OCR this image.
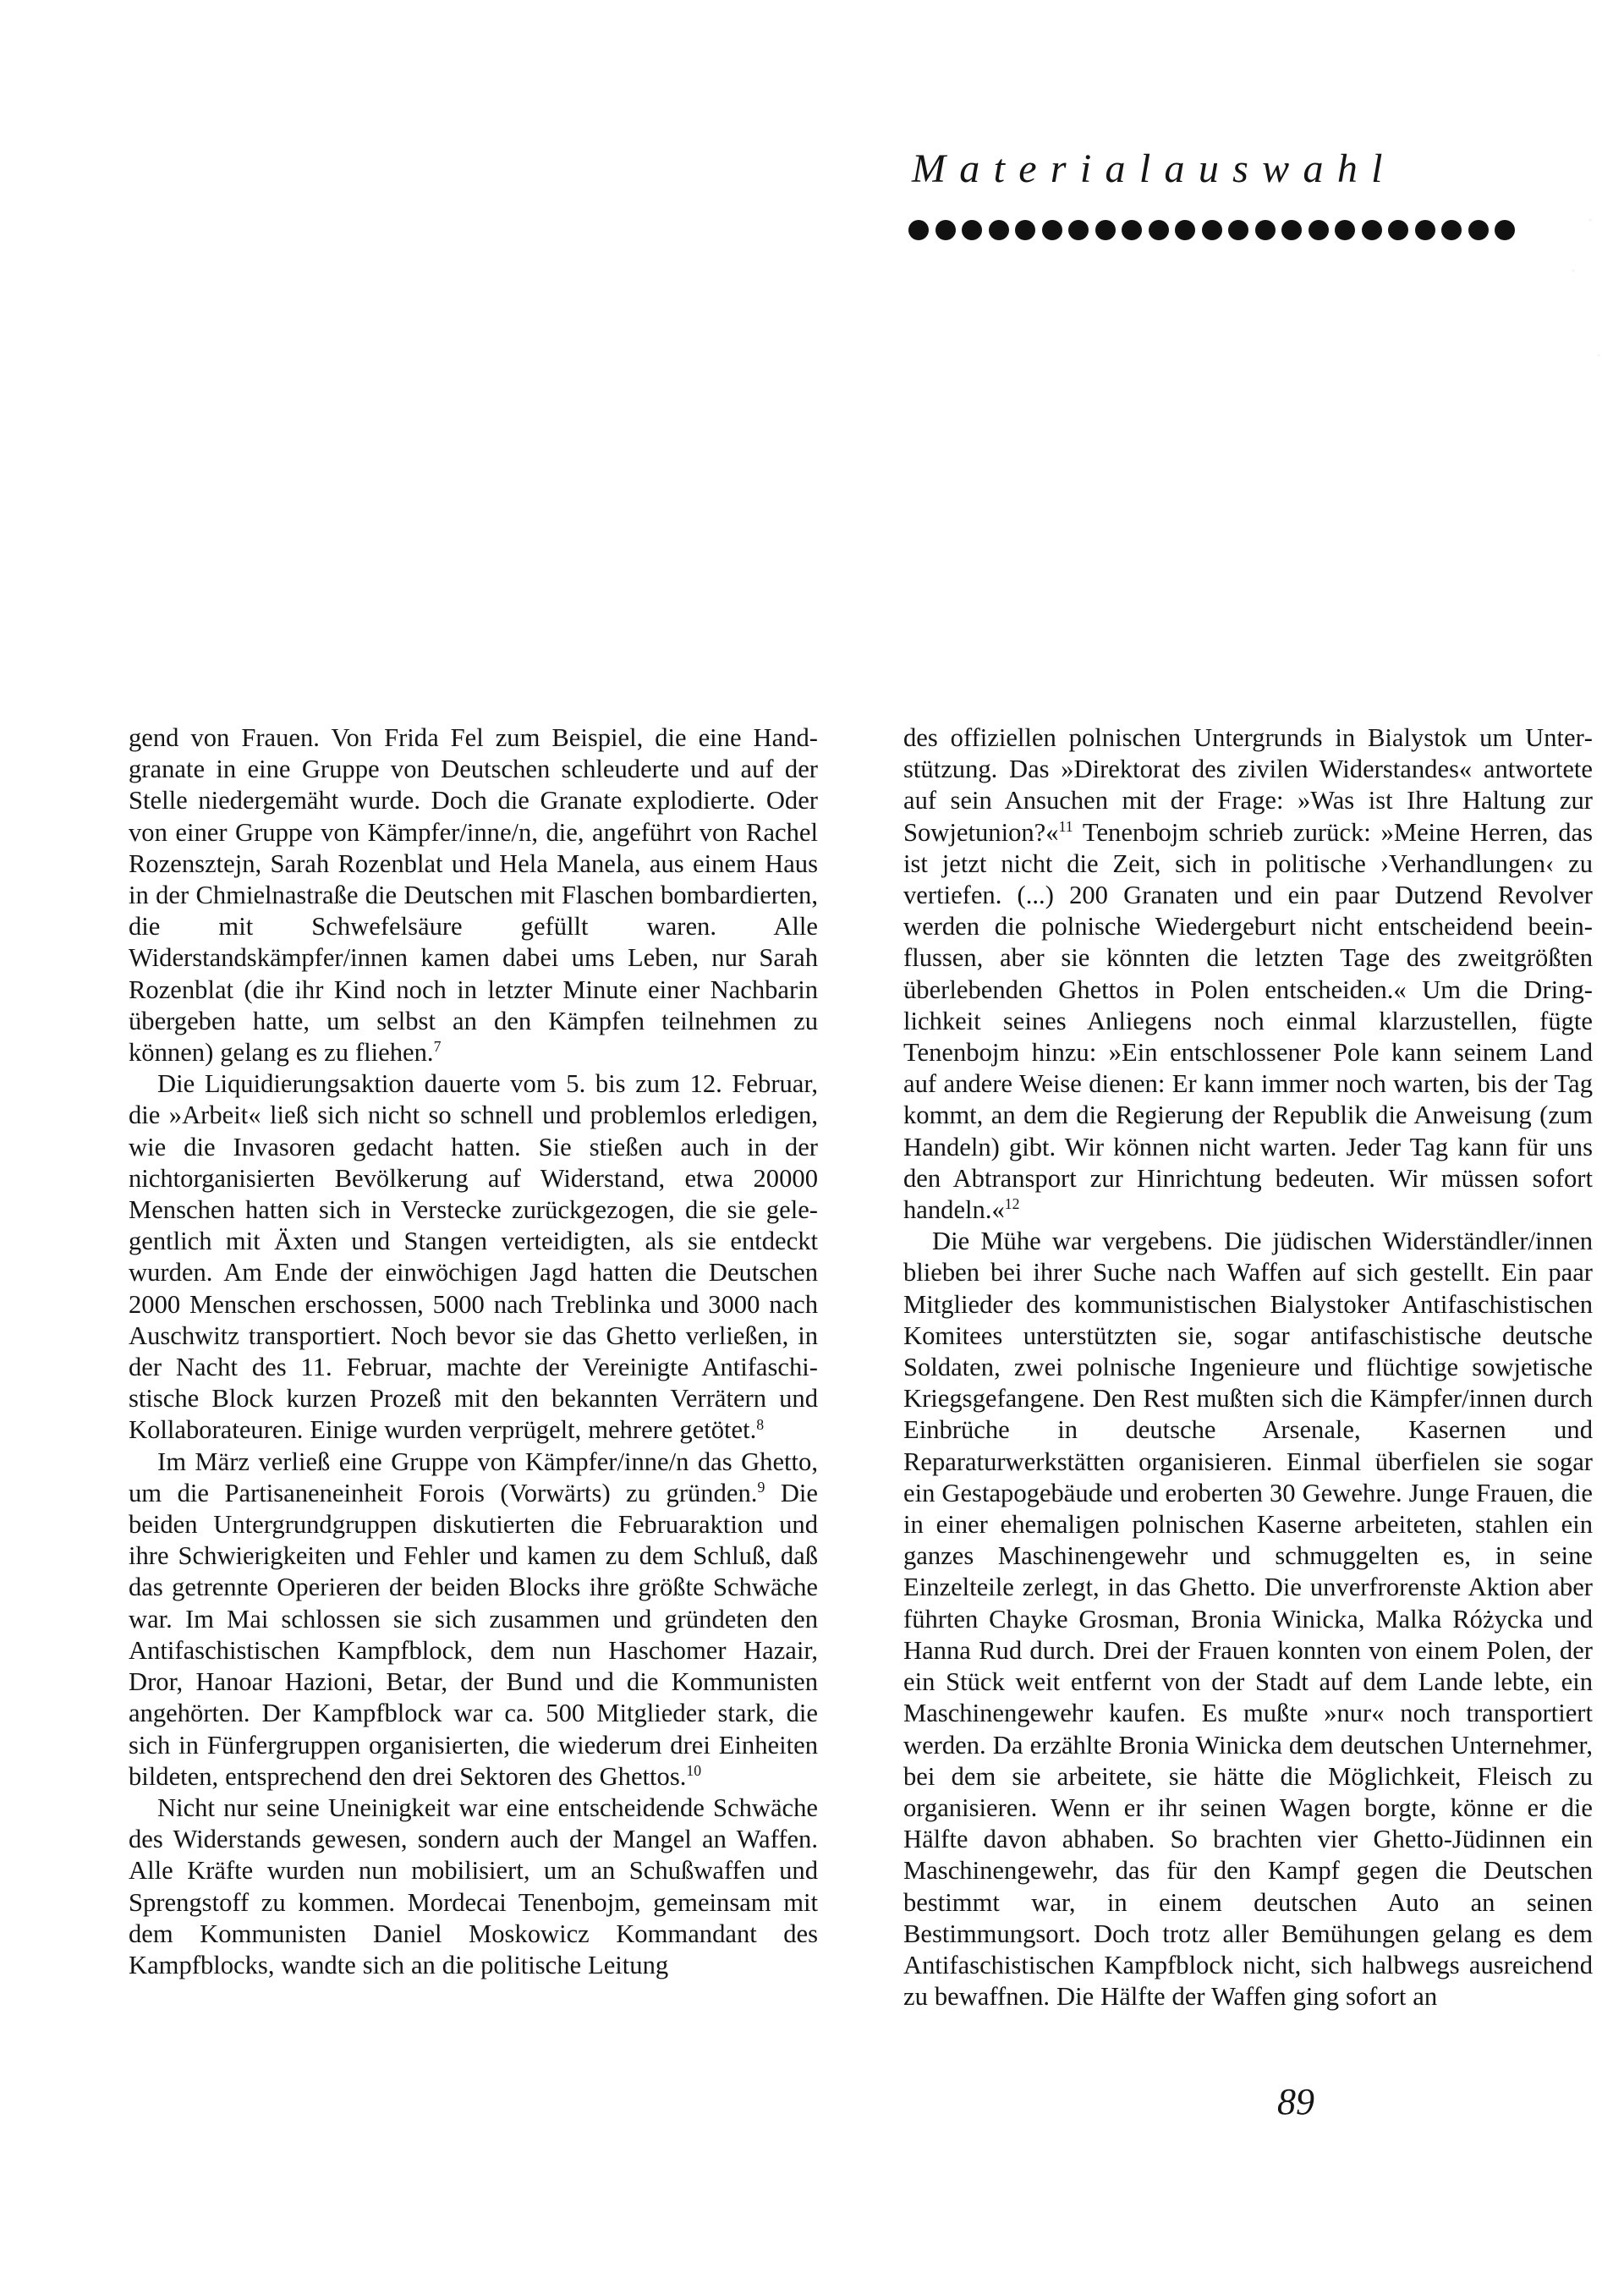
Materialauswahl

gend von Frauen. Von Frida Fel zum Beispiel, die eine Handgranate in eine Gruppe von Deutschen schleuderte und auf der Stelle niedergemäht wurde. Doch die Granate explodierte. Oder von einer Gruppe von Kämpfer/inne/n, die, angeführt von Rachel Rozensztejn, Sarah Rozenblat und Hela Manela, aus einem Haus in der Chmielnastraße die Deutschen mit Flaschen bombardierten, die mit Schwefelsäure gefüllt waren. Alle Widerstandskämpfer/innen kamen dabei ums Leben, nur Sarah Rozenblat (die ihr Kind noch in letzter Minute einer Nachbarin übergeben hatte, um selbst an den Kämpfen teilnehmen zu können) gelang es zu fliehen.$^7$

Die Liquidierungsaktion dauerte vom 5. bis zum 12. Februar, die »Arbeit« ließ sich nicht so schnell und problemlos erledigen, wie die Invasoren gedacht hatten. Sie stießen auch in der nichtorganisierten Bevölkerung auf Widerstand, etwa 20000 Menschen hatten sich in Verstecke zurückgezogen, die sie gelegentlich mit Äxten und Stangen verteidigten, als sie entdeckt wurden. Am Ende der einwöchigen Jagd hatten die Deutschen 2000 Menschen erschossen, 5000 nach Treblinka und 3000 nach Auschwitz transportiert. Noch bevor sie das Ghetto verließen, in der Nacht des 11. Februar, machte der Vereinigte Antifaschistische Block kurzen Prozeß mit den bekannten Verrätern und Kollaborateuren. Einige wurden verprügelt, mehrere getötet.$^8$

Im März verließ eine Gruppe von Kämpfer/inne/n das Ghetto, um die Partisaneneinheit Forois (Vorwärts) zu gründen.$^9$ Die beiden Untergrundgruppen diskutierten die Februaraktion und ihre Schwierigkeiten und Fehler und kamen zu dem Schluß, daß das getrennte Operieren der beiden Blocks ihre größte Schwäche war. Im Mai schlossen sie sich zusammen und gründeten den Antifaschistischen Kampfblock, dem nun Haschomer Hazair, Dror, Hanoar Hazioni, Betar, der Bund und die Kommunisten angehörten. Der Kampfblock war ca. 500 Mitglieder stark, die sich in Fünfergruppen organisierten, die wiederum drei Einheiten bildeten, entsprechend den drei Sektoren des Ghettos.$^{10}$

Nicht nur seine Uneinigkeit war eine entscheidende Schwäche des Widerstands gewesen, sondern auch der Mangel an Waffen. Alle Kräfte wurden nun mobilisiert, um an Schußwaffen und Sprengstoff zu kommen. Mordecai Tenenbojm, gemeinsam mit dem Kommunisten Daniel Moskowicz Kommandant des Kampfblocks, wandte sich an die politische Leitung

des offiziellen polnischen Untergrunds in Bialystok um Unterstützung. Das »Direktorat des zivilen Widerstandes« antwortete auf sein Ansuchen mit der Frage: »Was ist Ihre Haltung zur Sowjetunion?«$^{11}$ Tenenbojm schrieb zurück: »Meine Herren, das ist jetzt nicht die Zeit, sich in politische ›Verhandlungen‹ zu vertiefen. (...) 200 Granaten und ein paar Dutzend Revolver werden die polnische Wiedergeburt nicht entscheidend beeinflussen, aber sie könnten die letzten Tage des zweitgrößten überlebenden Ghettos in Polen entscheiden.« Um die Dringlichkeit seines Anliegens noch einmal klarzustellen, fügte Tenenbojm hinzu: »Ein entschlossener Pole kann seinem Land auf andere Weise dienen: Er kann immer noch warten, bis der Tag kommt, an dem die Regierung der Republik die Anweisung (zum Handeln) gibt. Wir können nicht warten. Jeder Tag kann für uns den Abtransport zur Hinrichtung bedeuten. Wir müssen sofort handeln.«$^{12}$

Die Mühe war vergebens. Die jüdischen Widerständler/innen blieben bei ihrer Suche nach Waffen auf sich gestellt. Ein paar Mitglieder des kommunistischen Bialystoker Antifaschistischen Komitees unterstützten sie, sogar antifaschistische deutsche Soldaten, zwei polnische Ingenieure und flüchtige sowjetische Kriegsgefangene. Den Rest mußten sich die Kämpfer/innen durch Einbrüche in deutsche Arsenale, Kasernen und Reparaturwerkstätten organisieren. Einmal überfielen sie sogar ein Gestapogebäude und eroberten 30 Gewehre. Junge Frauen, die in einer ehemaligen polnischen Kaserne arbeiteten, stahlen ein ganzes Maschinengewehr und schmuggelten es, in seine Einzelteile zerlegt, in das Ghetto. Die unverfrorenste Aktion aber führten Chayke Grosman, Bronia Winicka, Malka Różycka und Hanna Rud durch. Drei der Frauen konnten von einem Polen, der ein Stück weit entfernt von der Stadt auf dem Lande lebte, ein Maschinengewehr kaufen. Es mußte »nur« noch transportiert werden. Da erzählte Bronia Winicka dem deutschen Unternehmer, bei dem sie arbeitete, sie hätte die Möglichkeit, Fleisch zu organisieren. Wenn er ihr seinen Wagen borgte, könne er die Hälfte davon abhaben. So brachten vier Ghetto-Jüdinnen ein Maschinengewehr, das für den Kampf gegen die Deutschen bestimmt war, in einem deutschen Auto an seinen Bestimmungsort. Doch trotz aller Bemühungen gelang es dem Antifaschistischen Kampfblock nicht, sich halbwegs ausreichend zu bewaffnen. Die Hälfte der Waffen ging sofort an

89
